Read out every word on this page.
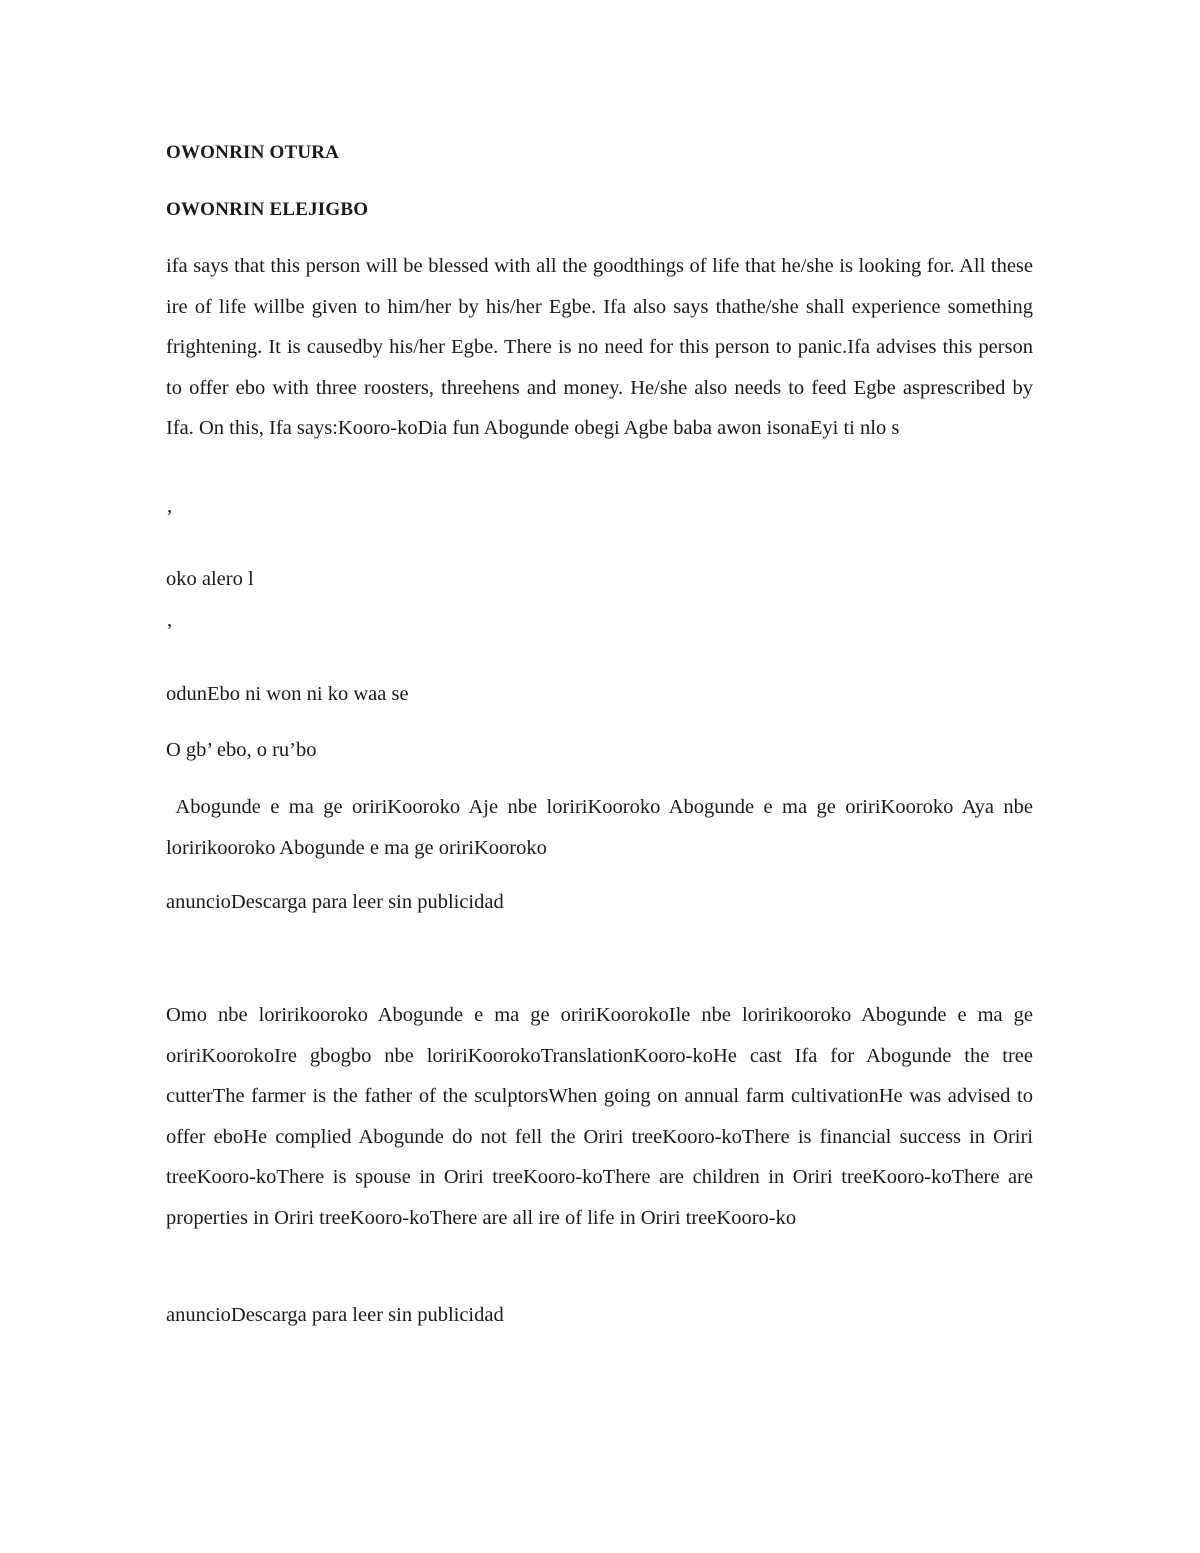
OWONRIN OTURA
OWONRIN ELEJIGBO
ifa says that this person will be blessed with all the goodthings of life that he/she is looking for. All these ire of life willbe given to him/her by his/her Egbe. Ifa also says thathe/she shall experience something frightening. It is causedby his/her Egbe. There is no need for this person to panic.Ifa advises this person to offer ebo with three roosters, threehens and money. He/she also needs to feed Egbe asprescribed by Ifa. On this, Ifa says:Kooro-koDia fun Abogunde obegi Agbe baba awon isonaEyi ti nlo s
’
oko alero l
’
odunEbo ni won ni ko waa se
O gb’ ebo, o ru’bo
Abogunde e ma ge oririKooroko Aje nbe loririKooroko Abogunde e ma ge oririKooroko Aya nbe loririkooroko Abogunde e ma ge oririKooroko
anuncioDescarga para leer sin publicidad
Omo nbe loririkooroko Abogunde e ma ge oririKoorokoIle nbe loririkooroko Abogunde e ma ge oririKoorokoIre gbogbo nbe loririKoorokoTranslationKooro-koHe cast Ifa for Abogunde the tree cutterThe farmer is the father of the sculptorsWhen going on annual farm cultivationHe was advised to offer eboHe complied Abogunde do not fell the Oriri treeKooro-koThere is financial success in Oriri treeKooro-koThere is spouse in Oriri treeKooro-koThere are children in Oriri treeKooro-koThere are properties in Oriri treeKooro-koThere are all ire of life in Oriri treeKooro-ko
anuncioDescarga para leer sin publicidad
